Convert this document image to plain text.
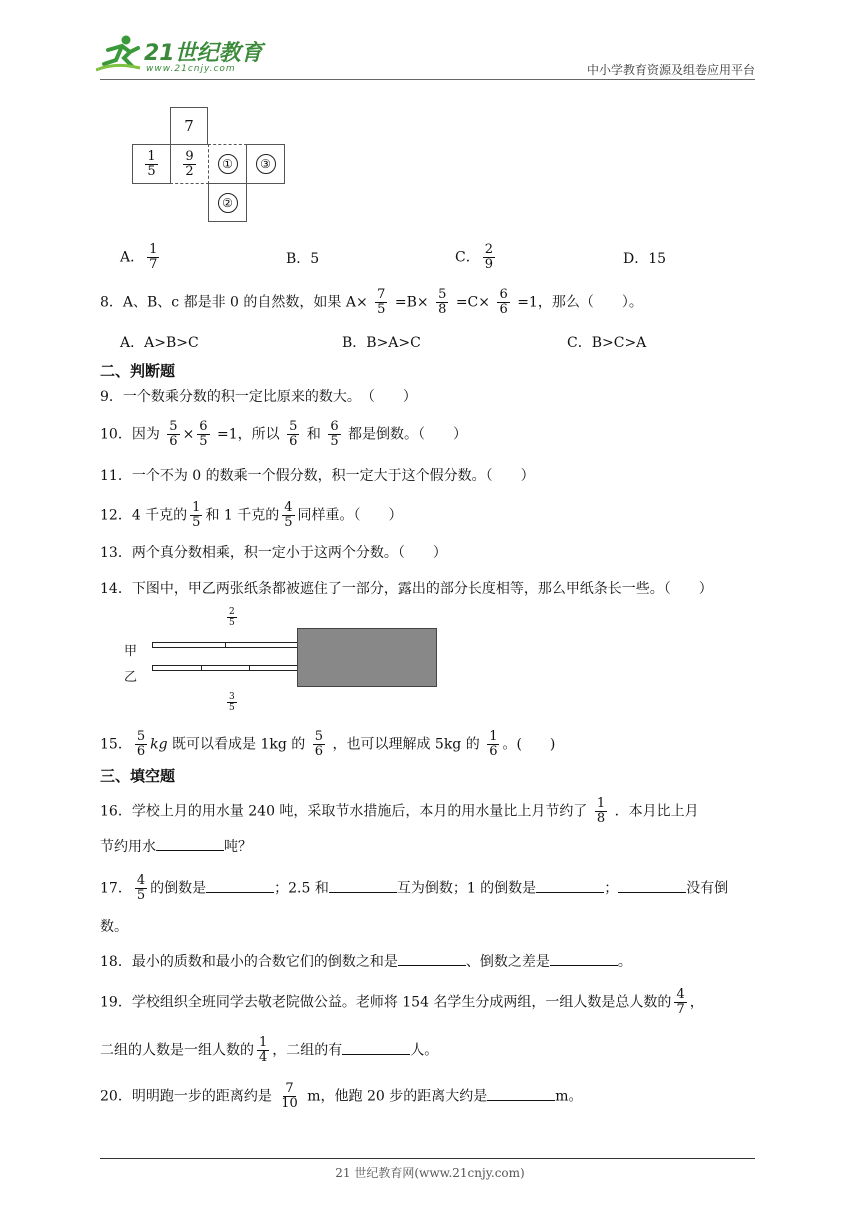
21世纪教育
www.21cnjy.com	中小学教育资源及组卷应用平台
7
$\frac{1}{5} \frac{9}{2}$	①	③
②
A． $\frac{1}{7}$	B．5	C． $\frac{2}{9}$	D．15
8．A、B、c 都是非 0 的自然数，如果 $A\times \frac{7}{5} =B\times \frac{5}{8} =C\times \frac{6}{6} =1$，那么（　　）。
A．A>B>C	B．B>A>C	C．B>C>A
二、判断题
9．一个数乘分数的积一定比原来的数大。　（　　）
10．因为 $\frac{5}{6} \times \frac{6}{5} =1$，所以 $\frac{5}{6}$ 和 $\frac{6}{5}$ 都是倒数。（　　）
11．一个不为 0 的数乘一个假分数，积一定大于这个假分数。（　　）
12．4 千克的 $\frac{1}{5}$ 和 1 千克的 $\frac{4}{5}$ 同样重。（　　）
13．两个真分数相乘，积一定小于这两个分数。（　　）
14．下图中，甲乙两张纸条都被遮住了一部分，露出的部分长度相等，那么甲纸条长一些。（　　）
$\frac{2}{5}$
甲
乙
$\frac{3}{5}$
15． $\frac{5}{6}$ kg 既可以看成是 1kg 的 $\frac{5}{6}$ ，也可以理解成 5kg 的 $\frac{1}{6}$ 。(　　)
三、填空题
16．学校上月的用水量 240 吨，采取节水措施后，本月的用水量比上月节约了 $\frac{1}{8}$ ．本月比上月
节约用水	吨？
17． $\frac{4}{5}$ 的倒数是	；2.5 和	互为倒数；1 的倒数是	；	没有倒
数。
18．最小的质数和最小的合数它们的倒数之和是	、倒数之差是	。
19．学校组织全班同学去敬老院做公益。老师将 154 名学生分成两组，一组人数是总人数的 $\frac{4}{7}$ ，
二组的人数是一组人数的 $\frac{1}{4}$ ，二组的有	人。
20．明明跑一步的距离约是 $\frac{7}{10}$ m，他跑 20 步的距离大约是	m。
21 世纪教育网(www.21cnjy.com)
